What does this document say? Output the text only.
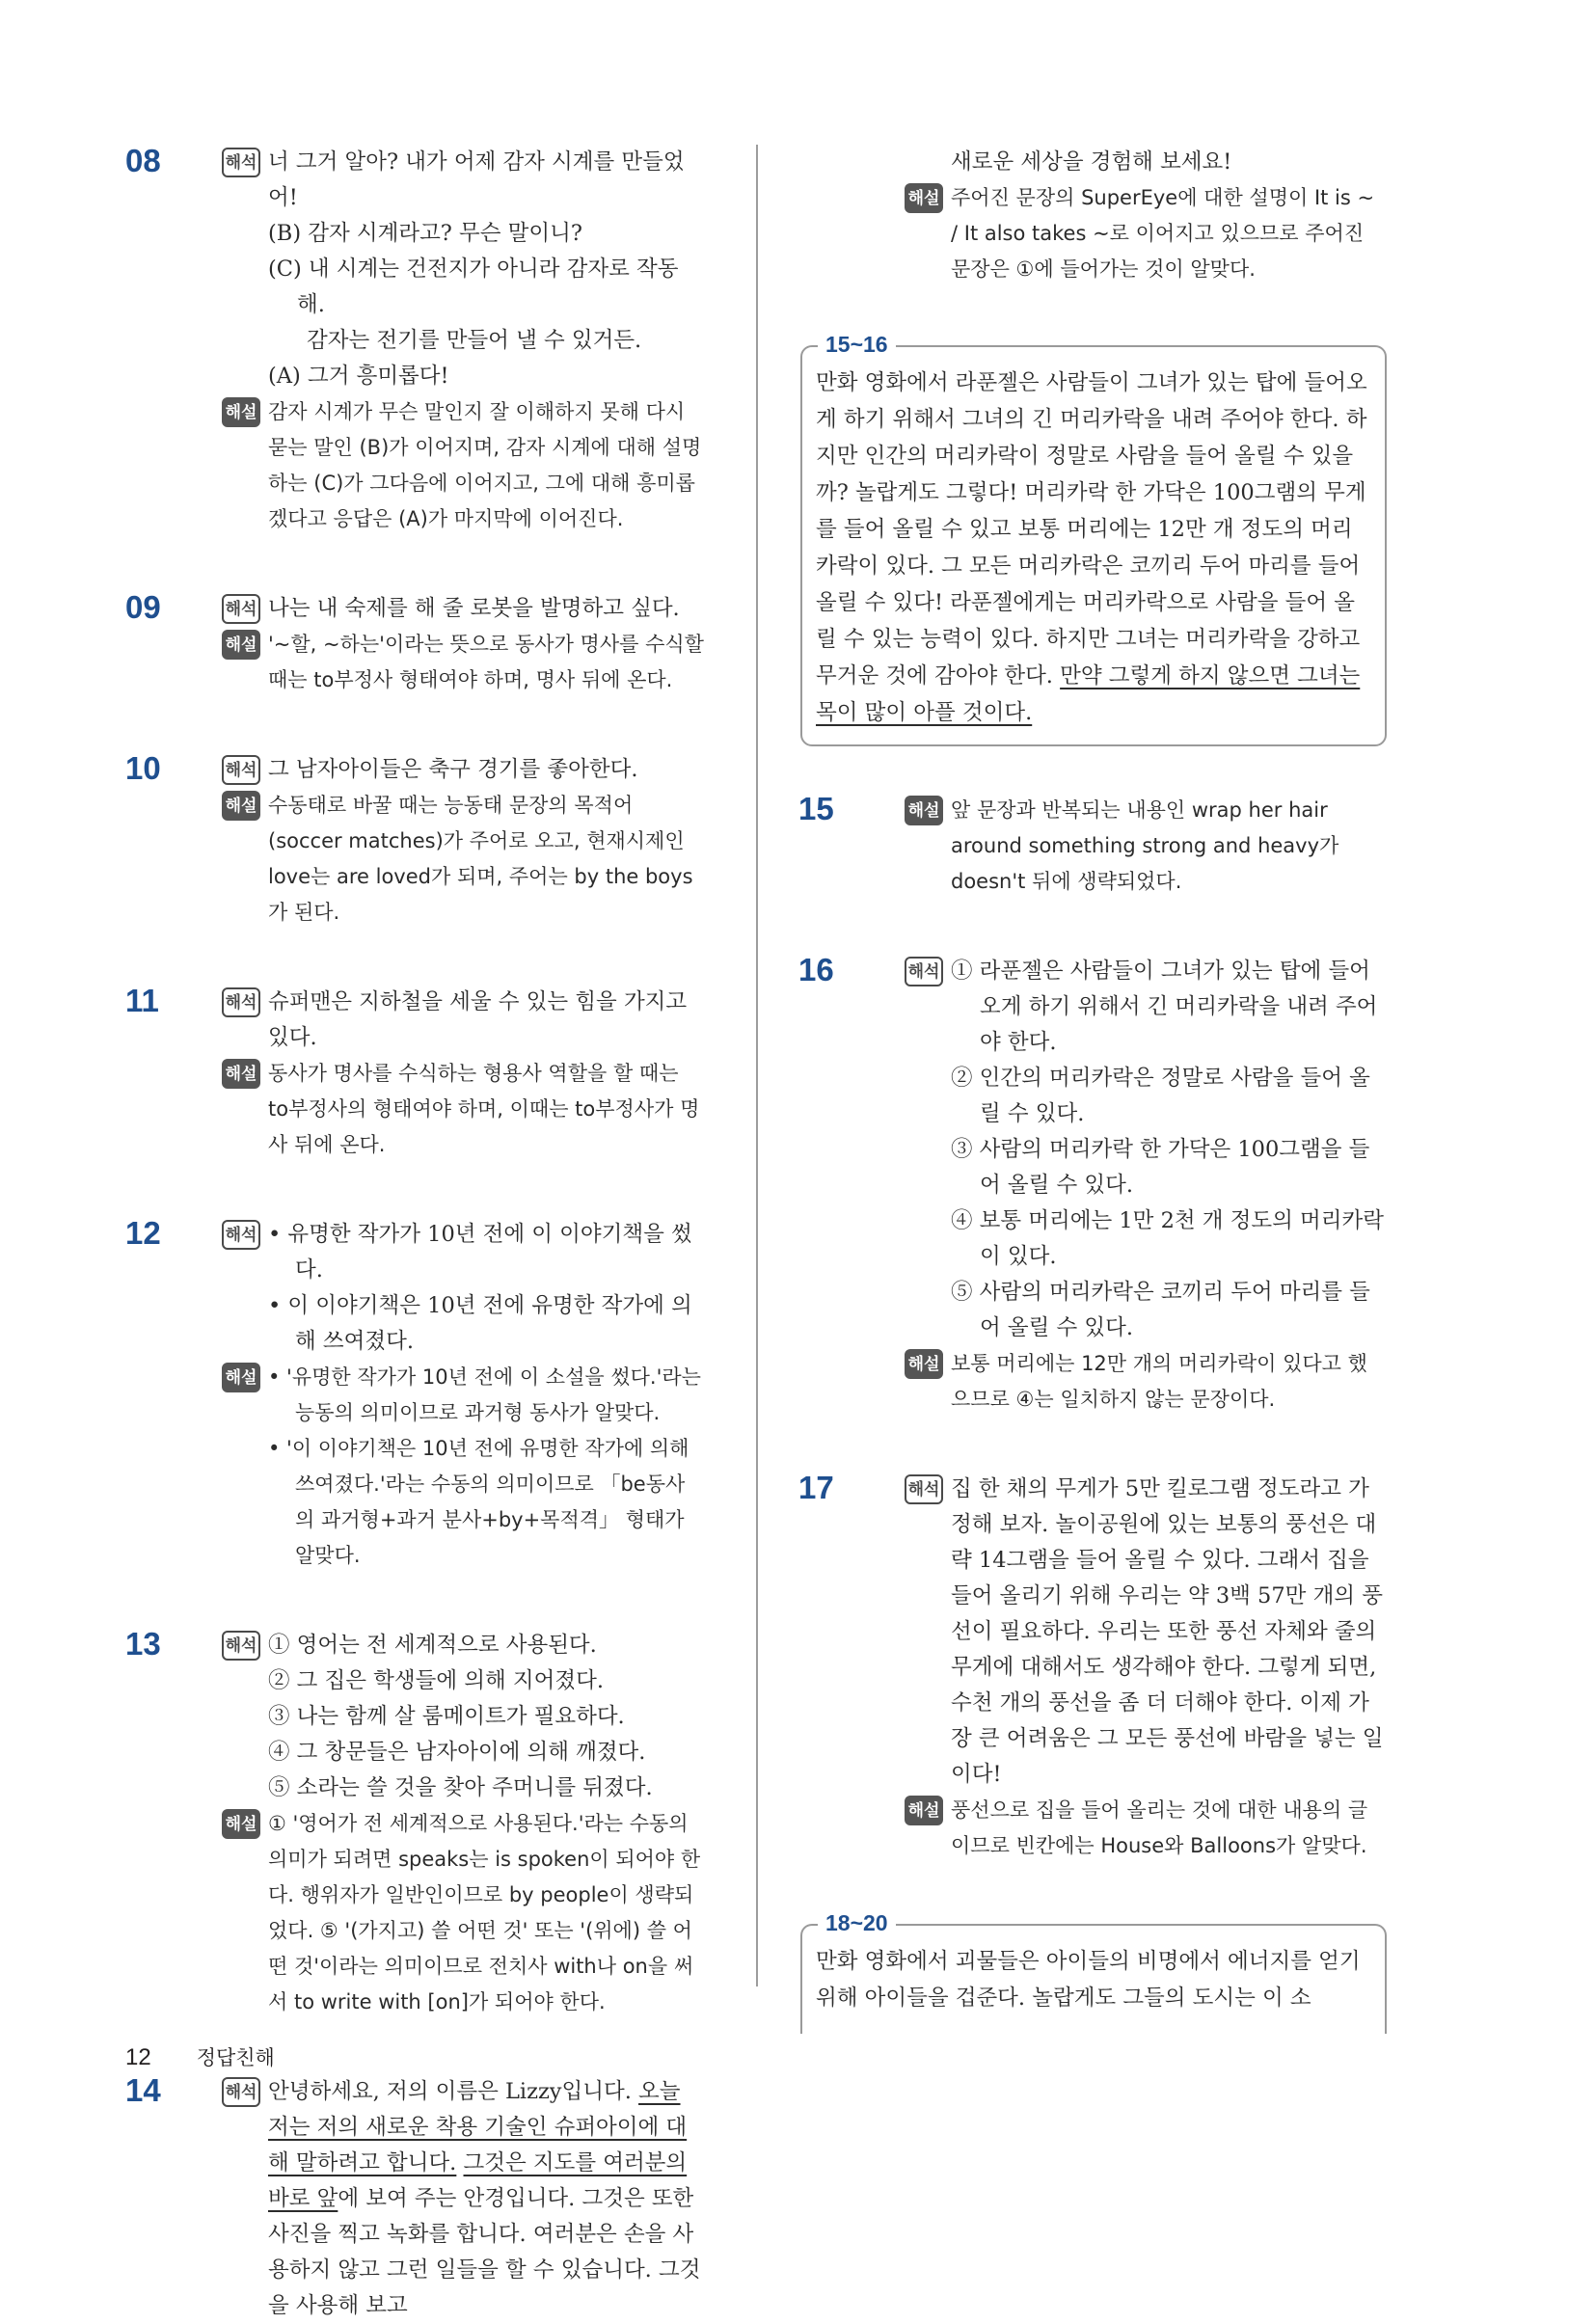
08	해석 너 그거 알아? 내가 어제 감자 시계를 만들었어!

(B) 감자 시계라고? 무슨 말이니?

(C) 내 시계는 건전지가 아니라 감자로 작동해.

감자는 전기를 만들어 낼 수 있거든.

(A) 그거 흥미롭다!

해설 감자 시계가 무슨 말인지 잘 이해하지 못해 다시 묻는 말인 (B)가 이어지며, 감자 시계에 대해 설명하는 (C)가 그다음에 이어지고, 그에 대해 흥미롭겠다고 응답은 (A)가 마지막에 이어진다.

09	해석 나는 내 숙제를 해 줄 로봇을 발명하고 싶다.

해설 '~할, ~하는'이라는 뜻으로 동사가 명사를 수식할 때는 to부정사 형태여야 하며, 명사 뒤에 온다.

10	해석 그 남자아이들은 축구 경기를 좋아한다.

해설 수동태로 바꿀 때는 능동태 문장의 목적어(soccer matches)가 주어로 오고, 현재시제인 love는 are loved가 되며, 주어는 by the boys가 된다.

11	해석 슈퍼맨은 지하철을 세울 수 있는 힘을 가지고 있다.

해설 동사가 명사를 수식하는 형용사 역할을 할 때는 to부정사의 형태여야 하며, 이때는 to부정사가 명사 뒤에 온다.

12	해석 • 유명한 작가가 10년 전에 이 이야기책을 썼다.

• 이 이야기책은 10년 전에 유명한 작가에 의해 쓰여졌다.

해설 • '유명한 작가가 10년 전에 이 소설을 썼다.'라는 능동의 의미이므로 과거형 동사가 알맞다.

• '이 이야기책은 10년 전에 유명한 작가에 의해 쓰여졌다.'라는 수동의 의미이므로 「be동사의 과거형+과거 분사+by+목적격」 형태가 알맞다.

13	해석 ① 영어는 전 세계적으로 사용된다.

② 그 집은 학생들에 의해 지어졌다.

③ 나는 함께 살 룸메이트가 필요하다.

④ 그 창문들은 남자아이에 의해 깨졌다.

⑤ 소라는 쓸 것을 찾아 주머니를 뒤졌다.

해설 ① '영어가 전 세계적으로 사용된다.'라는 수동의 의미가 되려면 speaks는 is spoken이 되어야 한다. 행위자가 일반인이므로 by people이 생략되었다. ⑤ '(가지고) 쓸 어떤 것' 또는 '(위에) 쓸 어떤 것'이라는 의미이므로 전치사 with나 on을 써서 to write with [on]가 되어야 한다.

14	해석 안녕하세요, 저의 이름은 Lizzy입니다. 오늘 저는 저의 새로운 착용 기술인 슈퍼아이에 대해 말하려고 합니다. 그것은 지도를 여러분의 바로 앞에 보여 주는 안경입니다. 그것은 또한 사진을 찍고 녹화를 합니다. 여러분은 손을 사용하지 않고 그런 일들을 할 수 있습니다. 그것을 사용해 보고

새로운 세상을 경험해 보세요!

해설 주어진 문장의 SuperEye에 대한 설명이 It is ~ / It also takes ~로 이어지고 있으므로 주어진 문장은 ①에 들어가는 것이 알맞다.

15~16

만화 영화에서 라푼젤은 사람들이 그녀가 있는 탑에 들어오게 하기 위해서 그녀의 긴 머리카락을 내려 주어야 한다. 하지만 인간의 머리카락이 정말로 사람을 들어 올릴 수 있을까? 놀랍게도 그렇다! 머리카락 한 가닥은 100그램의 무게를 들어 올릴 수 있고 보통 머리에는 12만 개 정도의 머리카락이 있다. 그 모든 머리카락은 코끼리 두어 마리를 들어 올릴 수 있다! 라푼젤에게는 머리카락으로 사람을 들어 올릴 수 있는 능력이 있다. 하지만 그녀는 머리카락을 강하고 무거운 것에 감아야 한다. 만약 그렇게 하지 않으면 그녀는 목이 많이 아플 것이다.

15	해설 앞 문장과 반복되는 내용인 wrap her hair around something strong and heavy가 doesn't 뒤에 생략되었다.

16	해석 ① 라푼젤은 사람들이 그녀가 있는 탑에 들어오게 하기 위해서 긴 머리카락을 내려 주어야 한다.

② 인간의 머리카락은 정말로 사람을 들어 올릴 수 있다.

③ 사람의 머리카락 한 가닥은 100그램을 들어 올릴 수 있다.

④ 보통 머리에는 1만 2천 개 정도의 머리카락이 있다.

⑤ 사람의 머리카락은 코끼리 두어 마리를 들어 올릴 수 있다.

해설 보통 머리에는 12만 개의 머리카락이 있다고 했으므로 ④는 일치하지 않는 문장이다.

17	해석 집 한 채의 무게가 5만 킬로그램 정도라고 가정해 보자. 놀이공원에 있는 보통의 풍선은 대략 14그램을 들어 올릴 수 있다. 그래서 집을 들어 올리기 위해 우리는 약 3백 57만 개의 풍선이 필요하다. 우리는 또한 풍선 자체와 줄의 무게에 대해서도 생각해야 한다. 그렇게 되면, 수천 개의 풍선을 좀 더 더해야 한다. 이제 가장 큰 어려움은 그 모든 풍선에 바람을 넣는 일이다!

해설 풍선으로 집을 들어 올리는 것에 대한 내용의 글이므로 빈칸에는 House와 Balloons가 알맞다.

18~20

만화 영화에서 괴물들은 아이들의 비명에서 에너지를 얻기 위해 아이들을 겁준다. 놀랍게도 그들의 도시는 이 소

12 정답친해
